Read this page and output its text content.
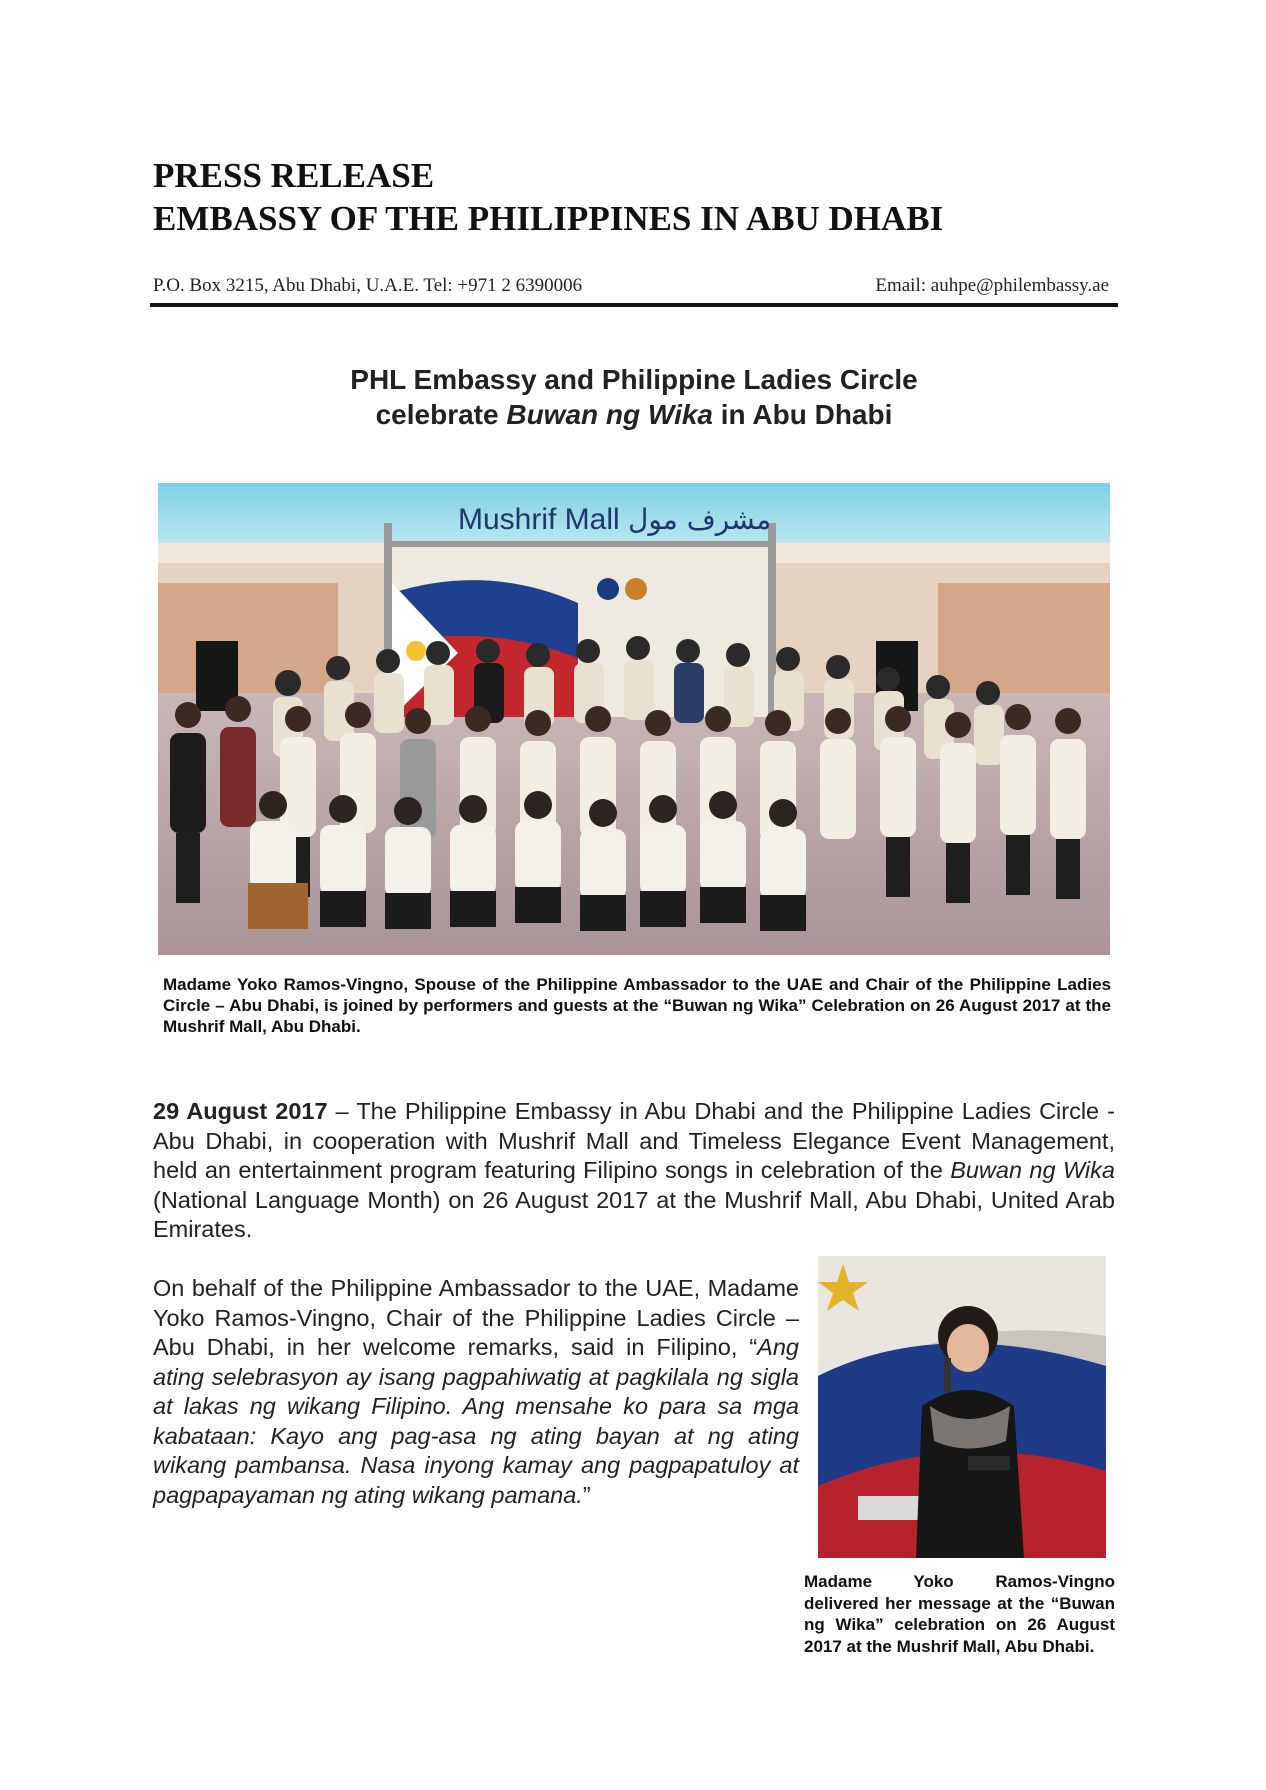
PRESS RELEASE
EMBASSY OF THE PHILIPPINES IN ABU DHABI
P.O. Box 3215, Abu Dhabi, U.A.E. Tel: +971 2 6390006	Email: auhpe@philembassy.ae
PHL Embassy and Philippine Ladies Circle
celebrate Buwan ng Wika in Abu Dhabi
Mushrif Mall مشرف مول
Madame Yoko Ramos-Vingno, Spouse of the Philippine Ambassador to the UAE and Chair of the Philippine Ladies Circle – Abu Dhabi, is joined by performers and guests at the “Buwan ng Wika” Celebration on 26 August 2017 at the Mushrif Mall, Abu Dhabi.
29 August 2017 – The Philippine Embassy in Abu Dhabi and the Philippine Ladies Circle - Abu Dhabi, in cooperation with Mushrif Mall and Timeless Elegance Event Management, held an entertainment program featuring Filipino songs in celebration of the Buwan ng Wika (National Language Month) on 26 August 2017 at the Mushrif Mall, Abu Dhabi, United Arab Emirates.
On behalf of the Philippine Ambassador to the UAE, Madame Yoko Ramos-Vingno, Chair of the Philippine Ladies Circle – Abu Dhabi, in her welcome remarks, said in Filipino, “Ang ating selebrasyon ay isang pagpahiwatig at pagkilala ng sigla at lakas ng wikang Filipino. Ang mensahe ko para sa mga kabataan: Kayo ang pag-asa ng ating bayan at ng ating wikang pambansa. Nasa inyong kamay ang pagpapatuloy at pagpapayaman ng ating wikang pamana.”
Madame Yoko Ramos-Vingno delivered her message at the “Buwan ng Wika” celebration on 26 August 2017 at the Mushrif Mall, Abu Dhabi.
